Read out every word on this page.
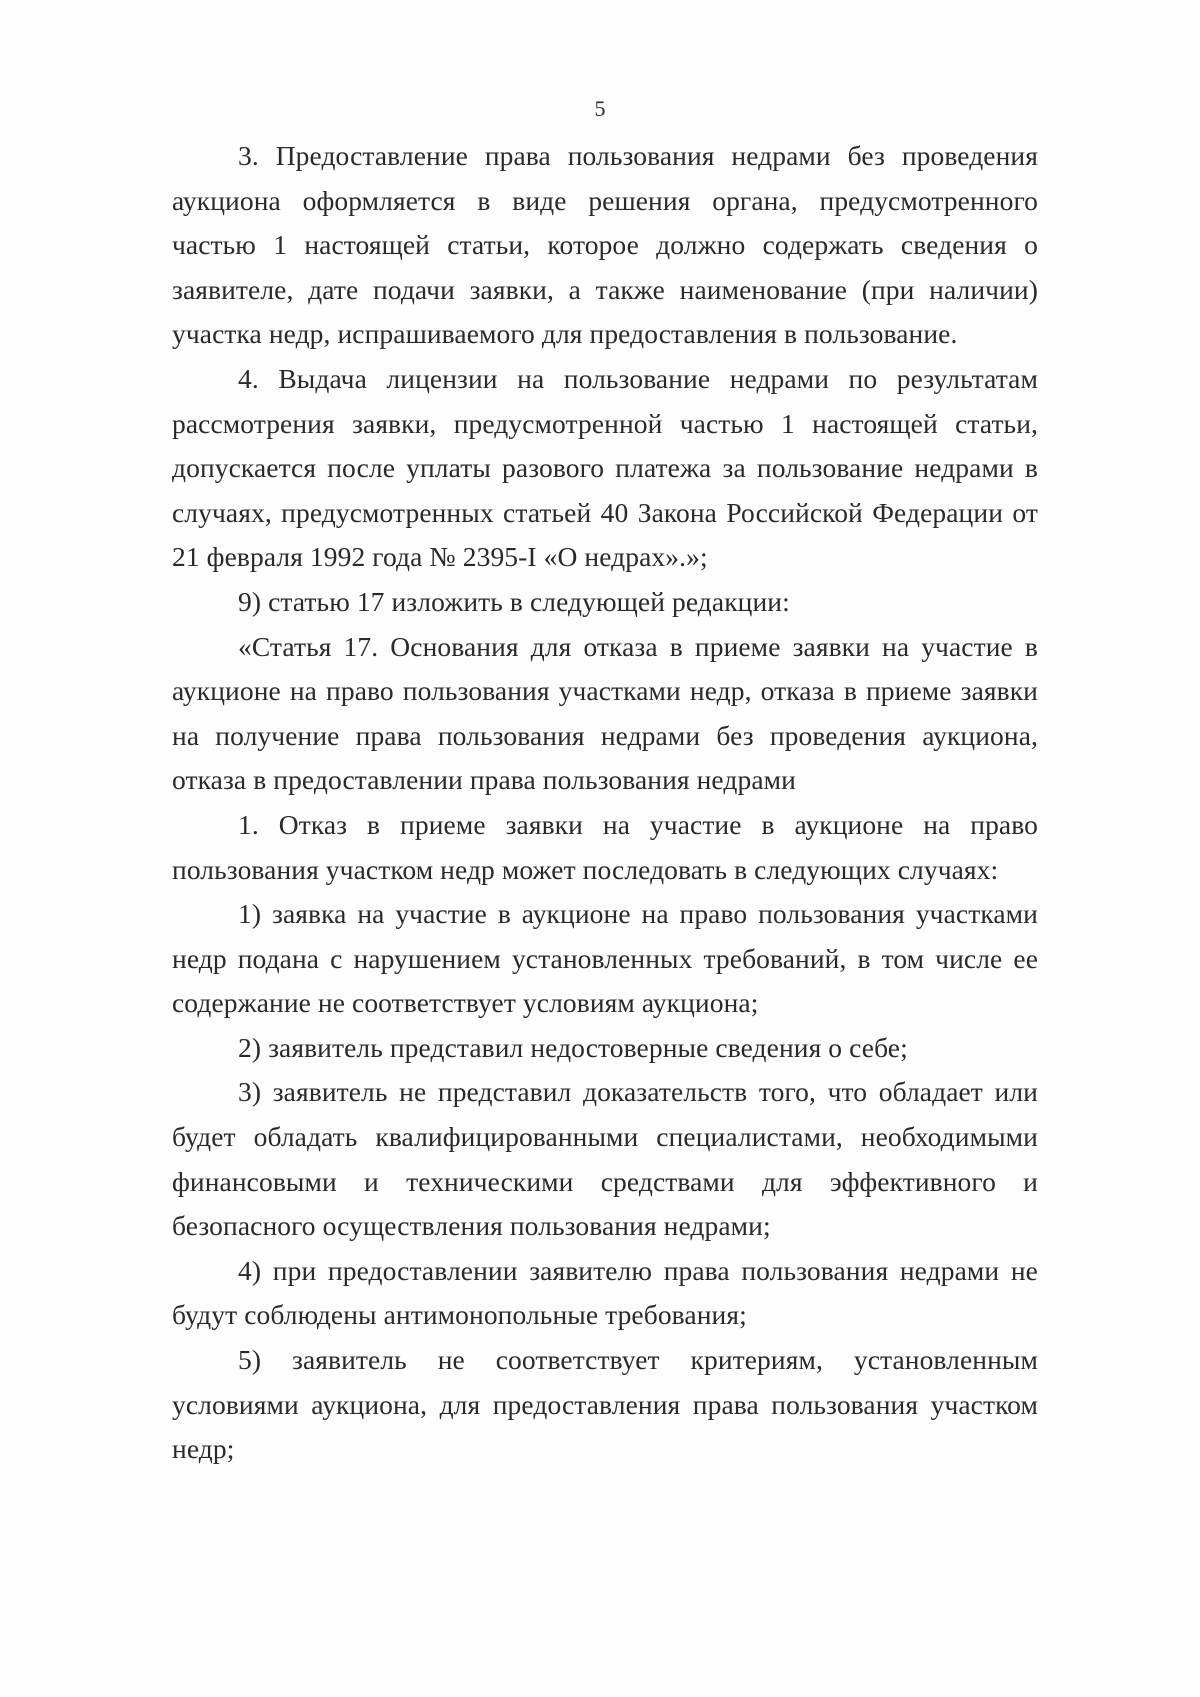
5

3. Предоставление права пользования недрами без проведения аукциона оформляется в виде решения органа, предусмотренного частью 1 настоящей статьи, которое должно содержать сведения о заявителе, дате подачи заявки, а также наименование (при наличии) участка недр, испрашиваемого для предоставления в пользование.

4. Выдача лицензии на пользование недрами по результатам рассмотрения заявки, предусмотренной частью 1 настоящей статьи, допускается после уплаты разового платежа за пользование недрами в случаях, предусмотренных статьей 40 Закона Российской Федерации от 21 февраля 1992 года № 2395-I «О недрах».»;

9) статью 17 изложить в следующей редакции:

«Статья 17. Основания для отказа в приеме заявки на участие в аукционе на право пользования участками недр, отказа в приеме заявки на получение права пользования недрами без проведения аукциона, отказа в предоставлении права пользования недрами

1. Отказ в приеме заявки на участие в аукционе на право пользования участком недр может последовать в следующих случаях:

1) заявка на участие в аукционе на право пользования участками недр подана с нарушением установленных требований, в том числе ее содержание не соответствует условиям аукциона;

2) заявитель представил недостоверные сведения о себе;

3) заявитель не представил доказательств того, что обладает или будет обладать квалифицированными специалистами, необходимыми финансовыми и техническими средствами для эффективного и безопасного осуществления пользования недрами;

4) при предоставлении заявителю права пользования недрами не будут соблюдены антимонопольные требования;

5) заявитель не соответствует критериям, установленным условиями аукциона, для предоставления права пользования участком недр;
